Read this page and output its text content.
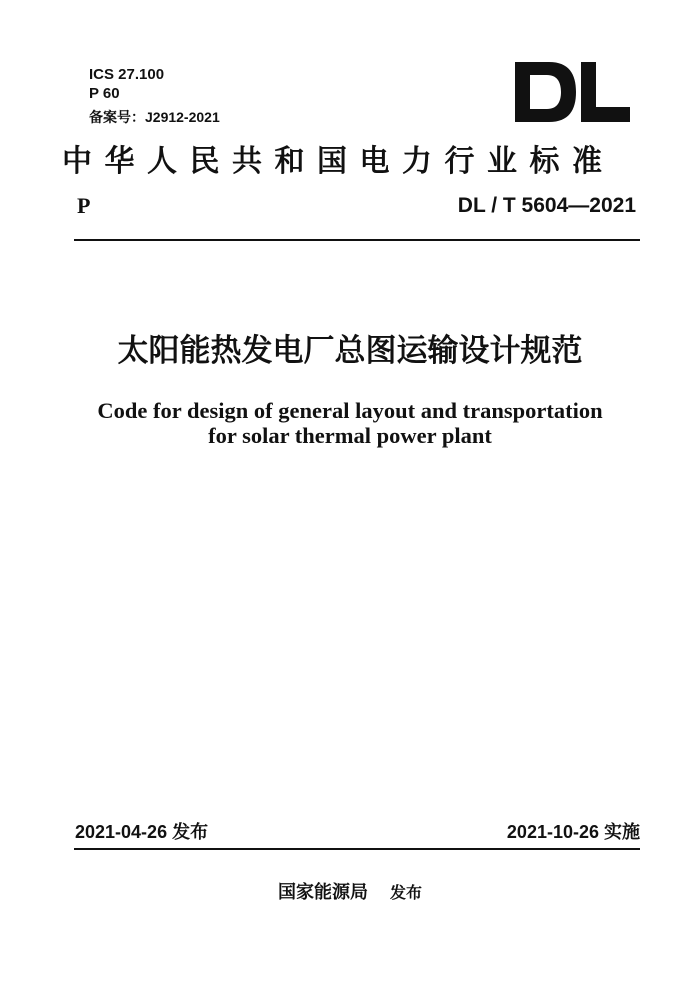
ICS 27.100
P 60
备案号：J2912-2021
中华人民共和国电力行业标准
P	DL / T 5604—2021
太阳能热发电厂总图运输设计规范
Code for design of general layout and transportation
for solar thermal power plant
2021-04-26 发布	2021-10-26 实施
国家能源局 发布
